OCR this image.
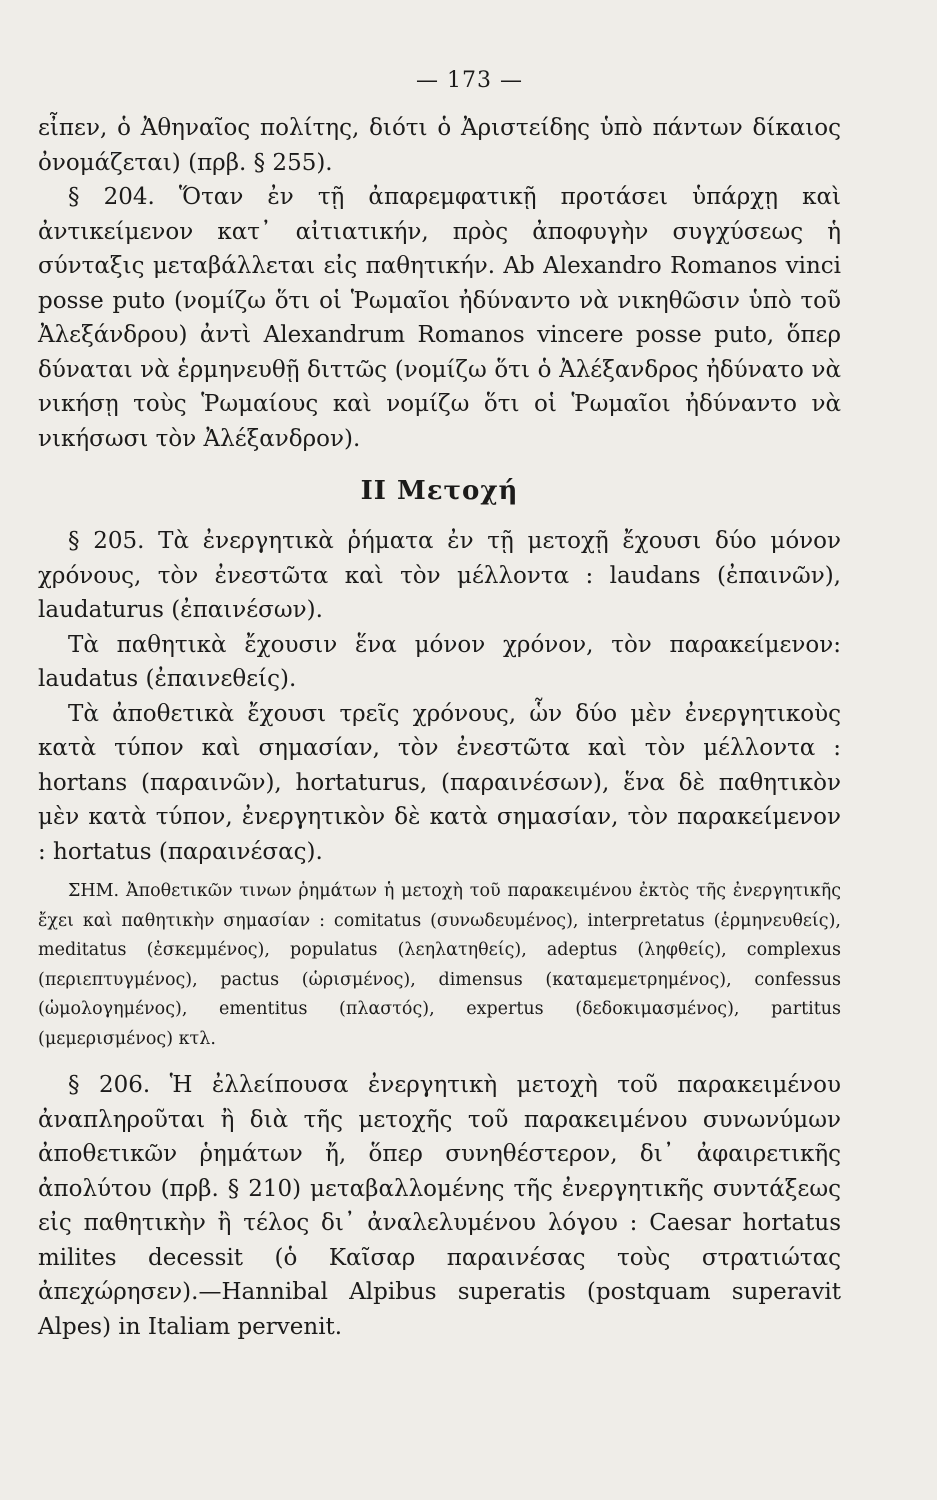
— 173 —

εἶπεν, ὁ Ἀθηναῖος πολίτης, διότι ὁ Ἀριστείδης ὑπὸ πάντων δίκαιος ὀνομάζεται) (πρβ. § 255).

§ 204. Ὅταν ἐν τῇ ἀπαρεμφατικῇ προτάσει ὑπάρχῃ καὶ ἀντικείμενον κατ᾽ αἰτιατικήν, πρὸς ἀποφυγὴν συγχύσεως ἡ σύνταξις μεταβάλλεται εἰς παθητικήν. Ab Alexandro Romanos vinci posse puto (νομίζω ὅτι οἱ Ῥωμαῖοι ἠδύναντο νὰ νικηθῶσιν ὑπὸ τοῦ Ἀλεξάνδρου) ἀντὶ Alexandrum Romanos vincere posse puto, ὅπερ δύναται νὰ ἑρμηνευθῇ διττῶς (νομίζω ὅτι ὁ Ἀλέξανδρος ἠδύνατο νὰ νικήσῃ τοὺς Ῥωμαίους καὶ νομίζω ὅτι οἱ Ῥωμαῖοι ἠδύναντο νὰ νικήσωσι τὸν Ἀλέξανδρον).

ΙΙ Μετοχή

§ 205. Τὰ ἐνεργητικὰ ῥήματα ἐν τῇ μετοχῇ ἔχουσι δύο μόνον χρόνους, τὸν ἐνεστῶτα καὶ τὸν μέλλοντα : laudans (ἐπαινῶν), laudaturus (ἐπαινέσων).

Τὰ παθητικὰ ἔχουσιν ἕνα μόνον χρόνον, τὸν παρακείμενον: laudatus (ἐπαινεθείς).

Τὰ ἀποθετικὰ ἔχουσι τρεῖς χρόνους, ὧν δύο μὲν ἐνεργητικοὺς κατὰ τύπον καὶ σημασίαν, τὸν ἐνεστῶτα καὶ τὸν μέλλοντα : hortans (παραινῶν), hortaturus, (παραινέσων), ἕνα δὲ παθητικὸν μὲν κατὰ τύπον, ἐνεργητικὸν δὲ κατὰ σημασίαν, τὸν παρακείμενον : hortatus (παραινέσας).

ΣΗΜ. Ἀποθετικῶν τινων ῥημάτων ἡ μετοχὴ τοῦ παρακειμένου ἐκτὸς τῆς ἐνεργητικῆς ἔχει καὶ παθητικὴν σημασίαν : comitatus (συνωδευμένος), interpretatus (ἑρμηνευθείς), meditatus (ἐσκεμμένος), populatus (λεηλατηθείς), adeptus (ληφθείς), complexus (περιεπτυγμένος), pactus (ὡρισμένος), dimensus (καταμεμετρημένος), confessus (ὡμολογημένος), ementitus (πλαστός), expertus (δεδοκιμασμένος), partitus (μεμερισμένος) κτλ.

§ 206. Ἡ ἐλλείπουσα ἐνεργητικὴ μετοχὴ τοῦ παρακειμένου ἀναπληροῦται ἢ διὰ τῆς μετοχῆς τοῦ παρακειμένου συνωνύμων ἀποθετικῶν ῥημάτων ἤ, ὅπερ συνηθέστερον, δι᾽ ἀφαιρετικῆς ἀπολύτου (πρβ. § 210) μεταβαλλομένης τῆς ἐνεργητικῆς συντάξεως εἰς παθητικὴν ἢ τέλος δι᾽ ἀναλελυμένου λόγου : Caesar hortatus milites decessit (ὁ Καῖσαρ παραινέσας τοὺς στρατιώτας ἀπεχώρησεν).—Hannibal Alpibus superatis (postquam superavit Alpes) in Italiam pervenit.
